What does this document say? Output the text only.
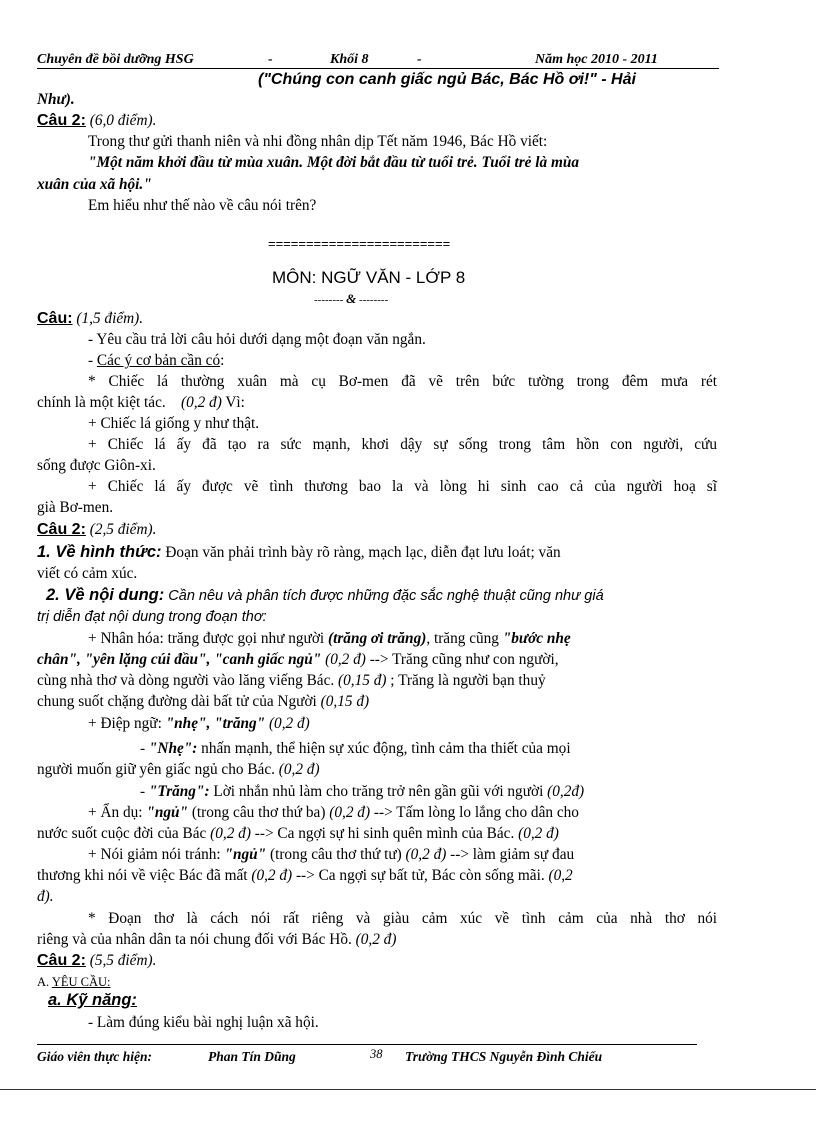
Chuyên đề bồi dưỡng HSG	-	Khối 8	-	Năm học 2010 - 2011
("Chúng con canh giấc ngủ Bác, Bác Hồ ơi!" - Hải
Như).
Câu 2: (6,0 điểm).
Trong thư gửi thanh niên và nhi đồng nhân dịp Tết năm 1946, Bác Hồ viết:
"Một năm khởi đầu từ mùa xuân. Một đời bắt đầu từ tuổi trẻ. Tuổi trẻ là mùa
xuân của xã hội."
Em hiểu như thế nào về câu nói trên?
========================
MÔN: NGỮ VĂN - LỚP 8
-------- & --------
Câu: (1,5 điểm).
- Yêu cầu trả lời câu hỏi dưới dạng một đoạn văn ngắn.
- Các ý cơ bản cần có:
* Chiếc lá thường xuân mà cụ Bơ-men đã vẽ trên bức tường trong đêm mưa rét
chính là một kiệt tác. (0,2 đ) Vì:
+ Chiếc lá giống y như thật.
+ Chiếc lá ấy đã tạo ra sức mạnh, khơi dậy sự sống trong tâm hồn con người, cứu
sống được Giôn-xi.
+ Chiếc lá ấy được vẽ tình thương bao la và lòng hi sinh cao cả của người hoạ sĩ
già Bơ-men.
Câu 2: (2,5 điểm).
1. Về hình thức: Đoạn văn phải trình bày rõ ràng, mạch lạc, diễn đạt lưu loát; văn
viết có cảm xúc.
2. Về nội dung: Cần nêu và phân tích được những đặc sắc nghệ thuật cũng như giá
trị diễn đạt nội dung trong đoạn thơ:
+ Nhân hóa: trăng được gọi như người (trăng ơi trăng), trăng cũng "bước nhẹ
chân", "yên lặng cúi đầu", "canh giấc ngủ" (0,2 đ) --> Trăng cũng như con người,
cùng nhà thơ và dòng người vào lăng viếng Bác. (0,15 đ) ; Trăng là người bạn thuỷ
chung suốt chặng đường dài bất tử của Người (0,15 đ)
+ Điệp ngữ: "nhẹ", "trăng" (0,2 đ)
- "Nhẹ": nhấn mạnh, thể hiện sự xúc động, tình cảm tha thiết của mọi
người muốn giữ yên giấc ngủ cho Bác. (0,2 đ)
- "Trăng": Lời nhắn nhủ làm cho trăng trở nên gần gũi với người (0,2đ)
+ Ẩn dụ: "ngủ" (trong câu thơ thứ ba) (0,2 đ) --> Tấm lòng lo lắng cho dân cho
nước suốt cuộc đời của Bác (0,2 đ) --> Ca ngợi sự hi sinh quên mình của Bác. (0,2 đ)
+ Nói giảm nói tránh: "ngủ" (trong câu thơ thứ tư) (0,2 đ) --> làm giảm sự đau
thương khi nói về việc Bác đã mất (0,2 đ) --> Ca ngợi sự bất tử, Bác còn sống mãi. (0,2
đ).
* Đoạn thơ là cách nói rất riêng và giàu cảm xúc về tình cảm của nhà thơ nói
riêng và của nhân dân ta nói chung đối với Bác Hồ. (0,2 đ)
Câu 2: (5,5 điểm).
A. YÊU CẦU:
a. Kỹ năng:
- Làm đúng kiểu bài nghị luận xã hội.
Giáo viên thực hiện:	Phan Tín Dũng	38 Trường THCS Nguyễn Đình Chiểu
